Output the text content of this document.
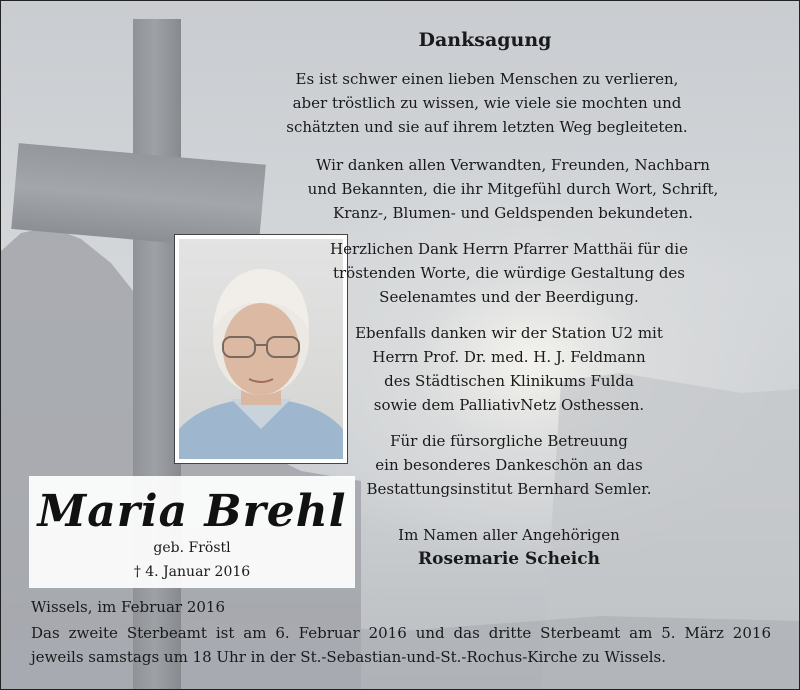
Danksagung
Es ist schwer einen lieben Menschen zu verlieren,
aber tröstlich zu wissen, wie viele sie mochten und
schätzten und sie auf ihrem letzten Weg begleiteten.
Wir danken allen Verwandten, Freunden, Nachbarn
und Bekannten, die ihr Mitgefühl durch Wort, Schrift,
Kranz-, Blumen- und Geldspenden bekundeten.
Herzlichen Dank Herrn Pfarrer Matthäi für die
tröstenden Worte, die würdige Gestaltung des
Seelenamtes und der Beerdigung.
Ebenfalls danken wir der Station U2 mit
Herrn Prof. Dr. med. H. J. Feldmann
des Städtischen Klinikums Fulda
sowie dem PalliativNetz Osthessen.
Für die fürsorgliche Betreuung
ein besonderes Dankeschön an das
Bestattungsinstitut Bernhard Semler.
Im Namen aller Angehörigen
Rosemarie Scheich
Maria Brehl
geb. Fröstl
† 4. Januar 2016
Wissels, im Februar 2016
Das zweite Sterbeamt ist am 6. Februar 2016 und das dritte Sterbeamt am 5. März 2016
jeweils samstags um 18 Uhr in der St.-Sebastian-und-St.-Rochus-Kirche zu Wissels.
